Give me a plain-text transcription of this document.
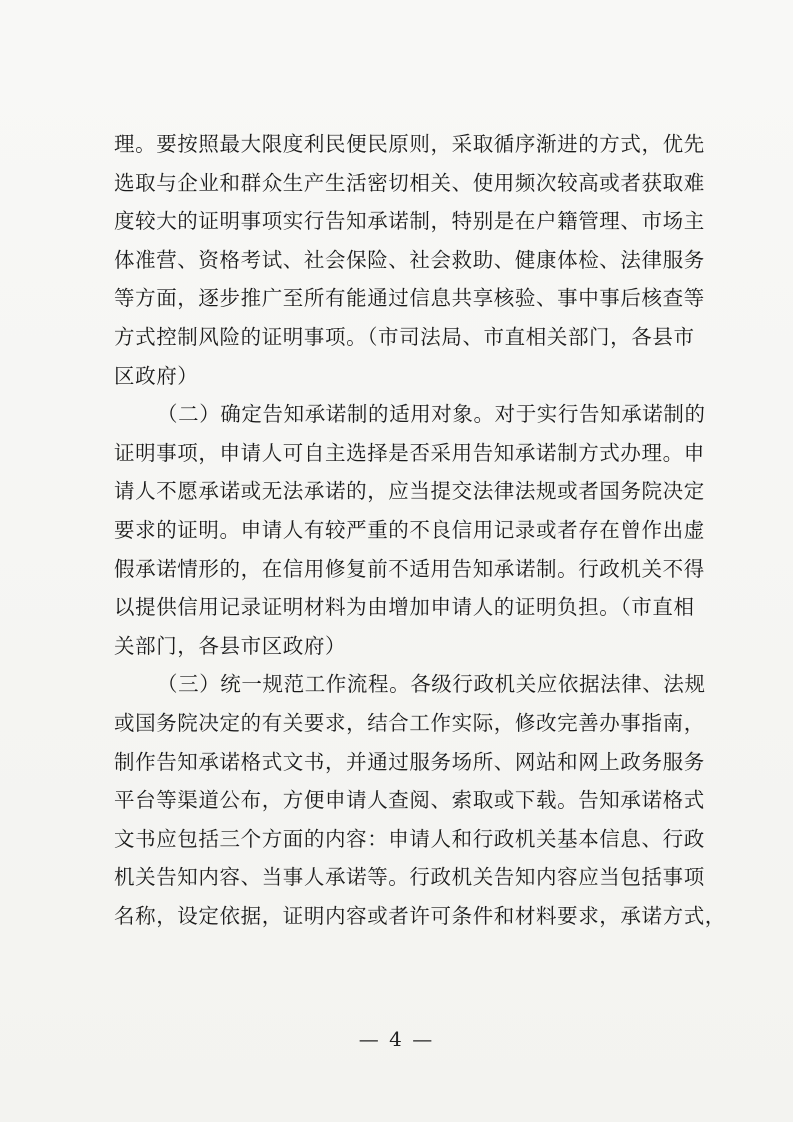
理。要按照最大限度利民便民原则，采取循序渐进的方式，优先
选取与企业和群众生产生活密切相关、使用频次较高或者获取难
度较大的证明事项实行告知承诺制，特别是在户籍管理、市场主
体准营、资格考试、社会保险、社会救助、健康体检、法律服务
等方面，逐步推广至所有能通过信息共享核验、事中事后核查等
方式控制风险的证明事项。（市司法局、市直相关部门，各县市
区政府）
（二）确定告知承诺制的适用对象。对于实行告知承诺制的
证明事项，申请人可自主选择是否采用告知承诺制方式办理。申
请人不愿承诺或无法承诺的，应当提交法律法规或者国务院决定
要求的证明。申请人有较严重的不良信用记录或者存在曾作出虚
假承诺情形的，在信用修复前不适用告知承诺制。行政机关不得
以提供信用记录证明材料为由增加申请人的证明负担。（市直相
关部门，各县市区政府）
（三）统一规范工作流程。各级行政机关应依据法律、法规
或国务院决定的有关要求，结合工作实际，修改完善办事指南，
制作告知承诺格式文书，并通过服务场所、网站和网上政务服务
平台等渠道公布，方便申请人查阅、索取或下载。告知承诺格式
文书应包括三个方面的内容：申请人和行政机关基本信息、行政
机关告知内容、当事人承诺等。行政机关告知内容应当包括事项
名称，设定依据，证明内容或者许可条件和材料要求，承诺方式，
— 4 —
